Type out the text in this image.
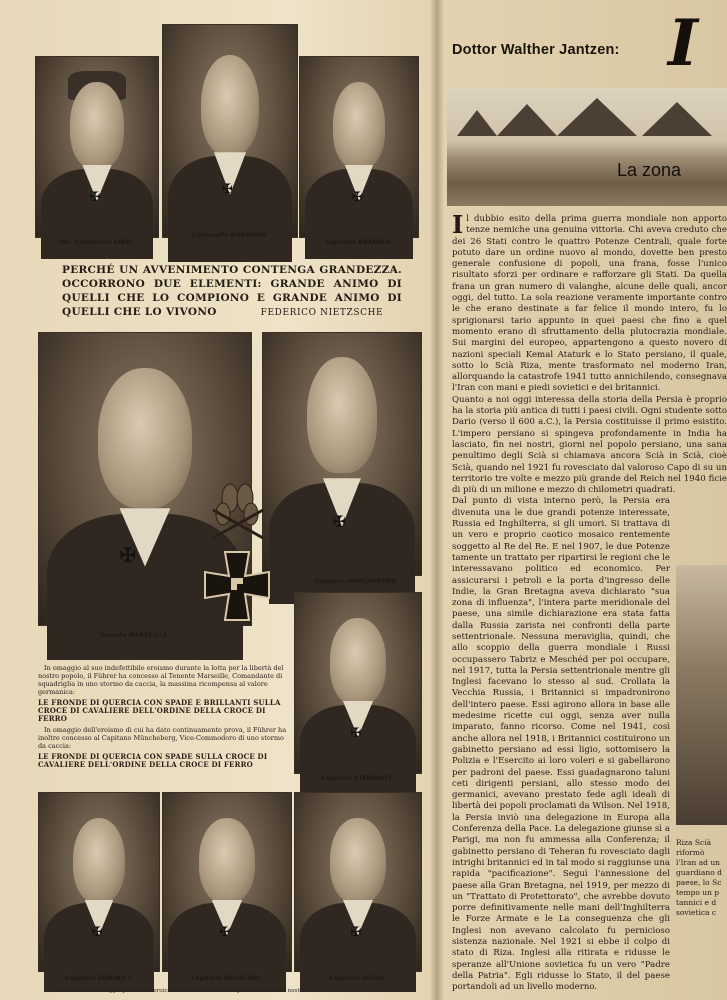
✠
Ten. Colonnello SIGEL
✠
Colonnello BORMANN
✠
Capitano BRÄNDLE
PERCHÉ UN AVVENIMENTO CONTENGA GRANDEZZA. OCCORRONO DUE ELEMENTI: GRANDE ANIMO DI QUELLI CHE LO COMPIONO E GRANDE ANIMO DI QUELLI CHE LO VIVONO	FEDERICO NIETZSCHE
✠
Tenente MARSEILLE
✠
Capitano MÜNCHEBERG
✠
Capitano STEINHOFF

In omaggio al suo indefettibile eroismo durante la lotta per la libertà del nostro popolo, il Führer ha concesso al Tenente Marseille, Comandante di squadriglia in uno stormo da caccia, la massima ricompensa al valore germanica:

LE FRONDE DI QUERCIA CON SPADE E BRILLANTI SULLA CROCE DI CAVALIERE DELL'ORDINE DELLA CROCE DI FERRO

In omaggio dell'eroismo di cui ha dato continuamente prova, il Führer ha inoltre concesso al Capitano Müncheberg, Vice-Commodoro di uno stormo da caccia:

LE FRONDE DI QUERCIA CON SPADE SULLA CROCE DI CAVALIERE DELL'ORDINE DELLA CROCE DI FERRO

✠
Capitano ZEMSKY †
✠
Capitano DRUSCHEL
✠
Capitano Wilcke
In riconoscente omaggio per la loro eroica azione durante la lotta per l'avvenire del nostro
I
Dottor Walther Jantzen:
La zona

Il dubbio esito della prima guerra mondiale non apporto tenze nemiche una genuina vittoria. Chi aveva creduto che dei 26 Stati contro le quattro Potenze Centrali, quale forte potuto dare un ordine nuovo al mondo, dovette ben presto generale confusione di popoli, una frana, fosse l'unico risultato sforzi per ordinare e rafforzare gli Stati. Da quella frana un gran numero di valanghe, alcune delle quali, ancor oggi, del tutto. La sola reazione veramente importante contro le che erano destinate a far felice il mondo intero, fu lo sprigionarsi tario appunto in quei paesi che fino a quel momento erano di sfruttamento della plutocrazia mondiale. Sui margini del europeo, appartengono a questo novero di nazioni speciali Kemal Ataturk e lo Stato persiano, il quale, sotto lo Scià Riza, mente trasformato nel moderno Iran, allorquando la catastrofe 1941 tutto annichilendo, consegnava l'Iran con mani e piedi sovietici e dei britannici.

Quanto a noi oggi interessa della storia della Persia è proprio ha la storia più antica di tutti i paesi civili. Ogni studente sotto Dario (verso il 600 a.C.), la Persia costituisse il primo esistito. L'impero persiano si spingeva profondamente in India ha lasciato, fin nei nostri, giorni nel popolo persiano, una sana penultimo degli Scià si chiamava ancora Scià in Scià, cioè Scià, quando nel 1921 fu rovesciato dal valoroso Capo di su un territorio tre volte e mezzo più grande del Reich nel 1940 ficie di più di un milione e mezzo di chilometri quadrati.

Dal punto di vista interno però, la Persia era divenuta una le due grandi potenze interessate, Russia ed Inghilterra, si gli umori. Si trattava di un vero e proprio caotico mosaico rentemente soggetto al Re del Re. E nel 1907, le due Potenze tamente un trattato per ripartirsi le regioni che le interessavano politico ed economico. Per assicurarsi i petroli e la porta d'ingresso delle Indie, la Gran Bretagna aveva dichiarato "sua zona di influenza", l'intera parte meridionale del paese, una simile dichiarazione era stata fatta dalla Russia zarista nei confronti della parte settentrionale. Nessuna meraviglia, quindi, che allo scoppio della guerra mondiale i Russi occupassero Tabriz e Meschéd per poi occupare, nel 1917, tutta la Persia settentrionale mentre gli Inglesi facevano lo stesso al sud. Crollata la Vecchia Russia, i Britannici si impadronirono dell'intero paese. Essi agirono allora in base alle medesime ricette cui oggi, senza aver nulla imparato, fanno ricorso. Come nel 1941, così anche allora nel 1918, i Britannici costituirono un gabinetto persiano ad essi ligio, sottomisero la Polizia e l'Esercito ai loro voleri e si gabellarono per padroni del paese. Essi guadagnarono taluni ceti dirigenti persiani, allo stesso modo dei germanici, avevano prestato fede agli ideali di libertà dei popoli proclamati da Wilson. Nel 1918, la Persia inviò una delegazione in Europa alla Conferenza della Pace. La delegazione giunse sì a Parigi, ma non fu ammessa alla Conferenza; il gabinetto persiano di Teheran fu rovesciato dagli intrighi britannici ed in tal modo si raggiunse una rapida "pacificazione". Seguì l'annessione del paese alla Gran Bretagna, nel 1919, per mezzo di un "Trattato di Protettorato", che avrebbe dovuto porre definitivamente nelle mani dell'Inghilterra le Forze Armate e le La conseguenza che gli Inglesi non avevano calcolato fu pernicioso sistenza nazionale. Nel 1921 si ebbe il colpo di stato di Riza. Inglesi alla ritirata e ridusse le speranze all'Unione sovietica fu un vero "Padre della Patria". Egli ridusse lo Stato, il del paese portandoli ad un livello moderno.

Riza Scià riformò l'Iran ad un guardiano d paese, lo Sc tempo un p tannici e d sovietica c
